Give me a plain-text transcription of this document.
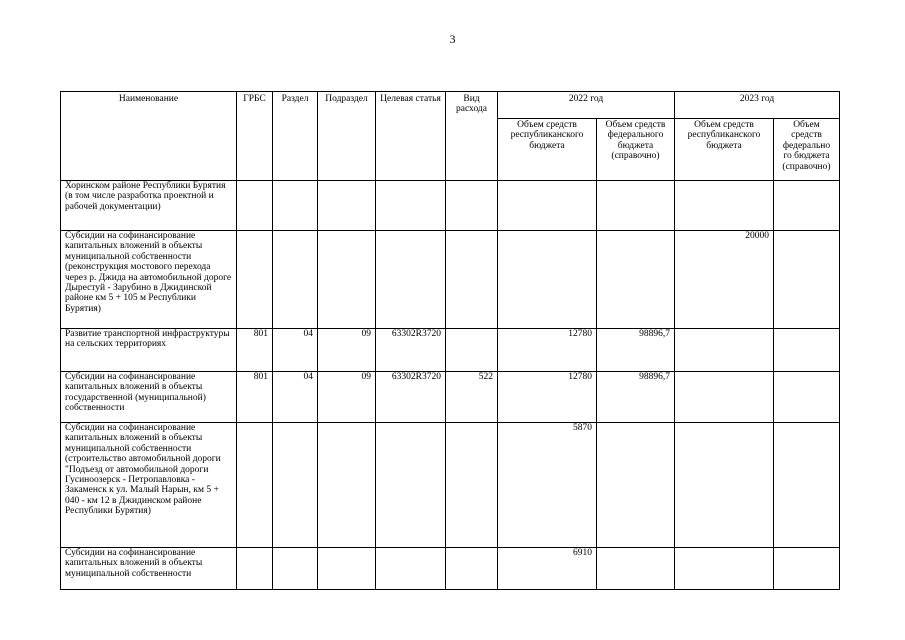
3
Наименование	ГРБС	Раздел	Подраздел	Целевая статья	Вид расхода	2022 год		2023 год	
						Объем средств республиканского бюджета	Объем средств федерального бюджета (справочно)	Объем средств республиканского бюджета	Объем средств федерально го бюджета (справочно)
Хоринском районе Республики Бурятия (в том числе разработка проектной и рабочей документации)									
Субсидии на софинансирование капитальных вложений в объекты муниципальной собственности (реконструкция мостового перехода через р. Джида на автомобильной дороге Дырестуй - Зарубино в Джидинской районе км 5 + 105 м Республики Бурятия)								20000	
Развитие транспортной инфраструктуры на сельских территориях	801	04	09	63302R3720		12780	98896,7		
Субсидии на софинансирование капитальных вложений в объекты государственной (муниципальной) собственности	801	04	09	63302R3720	522	12780	98896,7		
Субсидии на софинансирование капитальных вложений в объекты муниципальной собственности (строительство автомобильной дороги "Подъезд от автомобильной дороги Гусиноозерск - Петропавловка - Закаменск к ул. Малый Нарын, км 5 + 040 - км 12 в Джидинском районе Республики Бурятия)						5870			
Субсидии на софинансирование капитальных вложений в объекты муниципальной собственности						6910			
